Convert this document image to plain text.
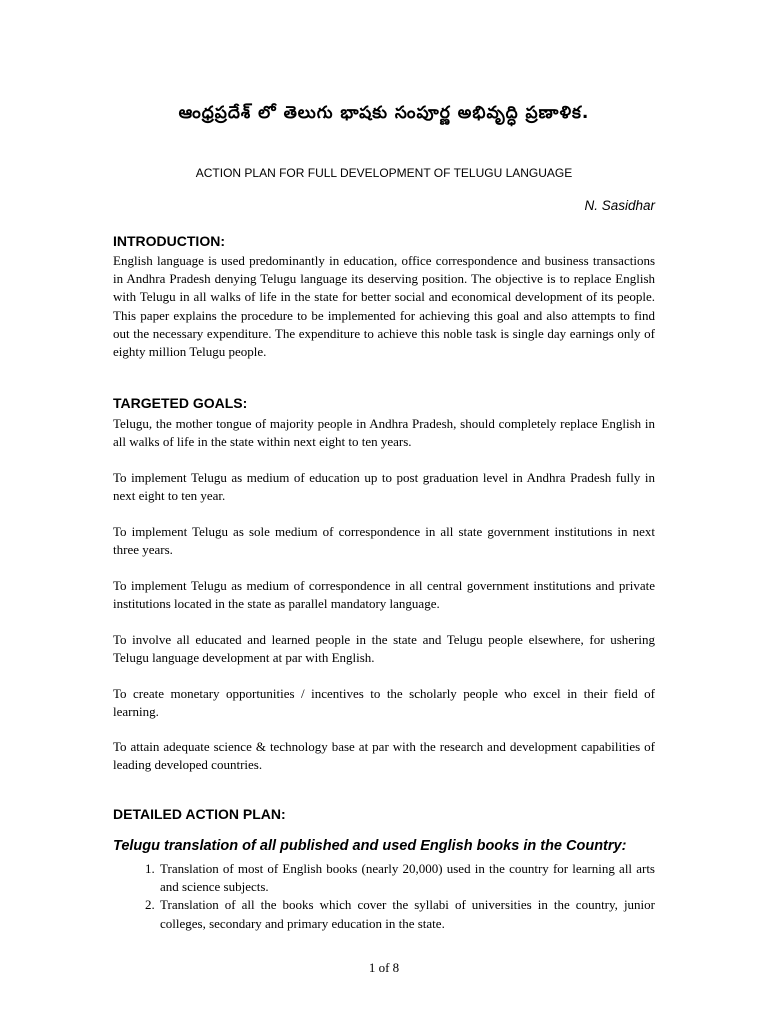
ఆంధ్రప్రదేశ్ లో తెలుగు భాషకు సంపూర్ణ అభివృద్ధి ప్రణాళిక.

ACTION PLAN FOR FULL DEVELOPMENT OF TELUGU LANGUAGE

N. Sasidhar

INTRODUCTION:

English language is used predominantly in education, office correspondence and business transactions in Andhra Pradesh denying Telugu language its deserving position. The objective is to replace English with Telugu in all walks of life in the state for better social and economical development of its people. This paper explains the procedure to be implemented for achieving this goal and also attempts to find out the necessary expenditure. The expenditure to achieve this noble task is single day earnings only of eighty million Telugu people.

TARGETED GOALS:

Telugu, the mother tongue of majority people in Andhra Pradesh, should completely replace English in all walks of life in the state within next eight to ten years.

To implement Telugu as medium of education up to post graduation level in Andhra Pradesh fully in next eight to ten year.

To implement Telugu as sole medium of correspondence in all state government institutions in next three years.

To implement Telugu as medium of correspondence in all central government institutions and private institutions located in the state as parallel mandatory language.

To involve all educated and learned people in the state and Telugu people elsewhere, for ushering Telugu language development at par with English.

To create monetary opportunities / incentives to the scholarly people who excel in their field of learning.

To attain adequate science & technology base at par with the research and development capabilities of leading developed countries.

DETAILED ACTION PLAN:

Telugu translation of all published and used English books in the Country:

1. Translation of most of English books (nearly 20,000) used in the country for learning all arts and science subjects.
2. Translation of all the books which cover the syllabi of universities in the country, junior colleges, secondary and primary education in the state.

1 of 8
